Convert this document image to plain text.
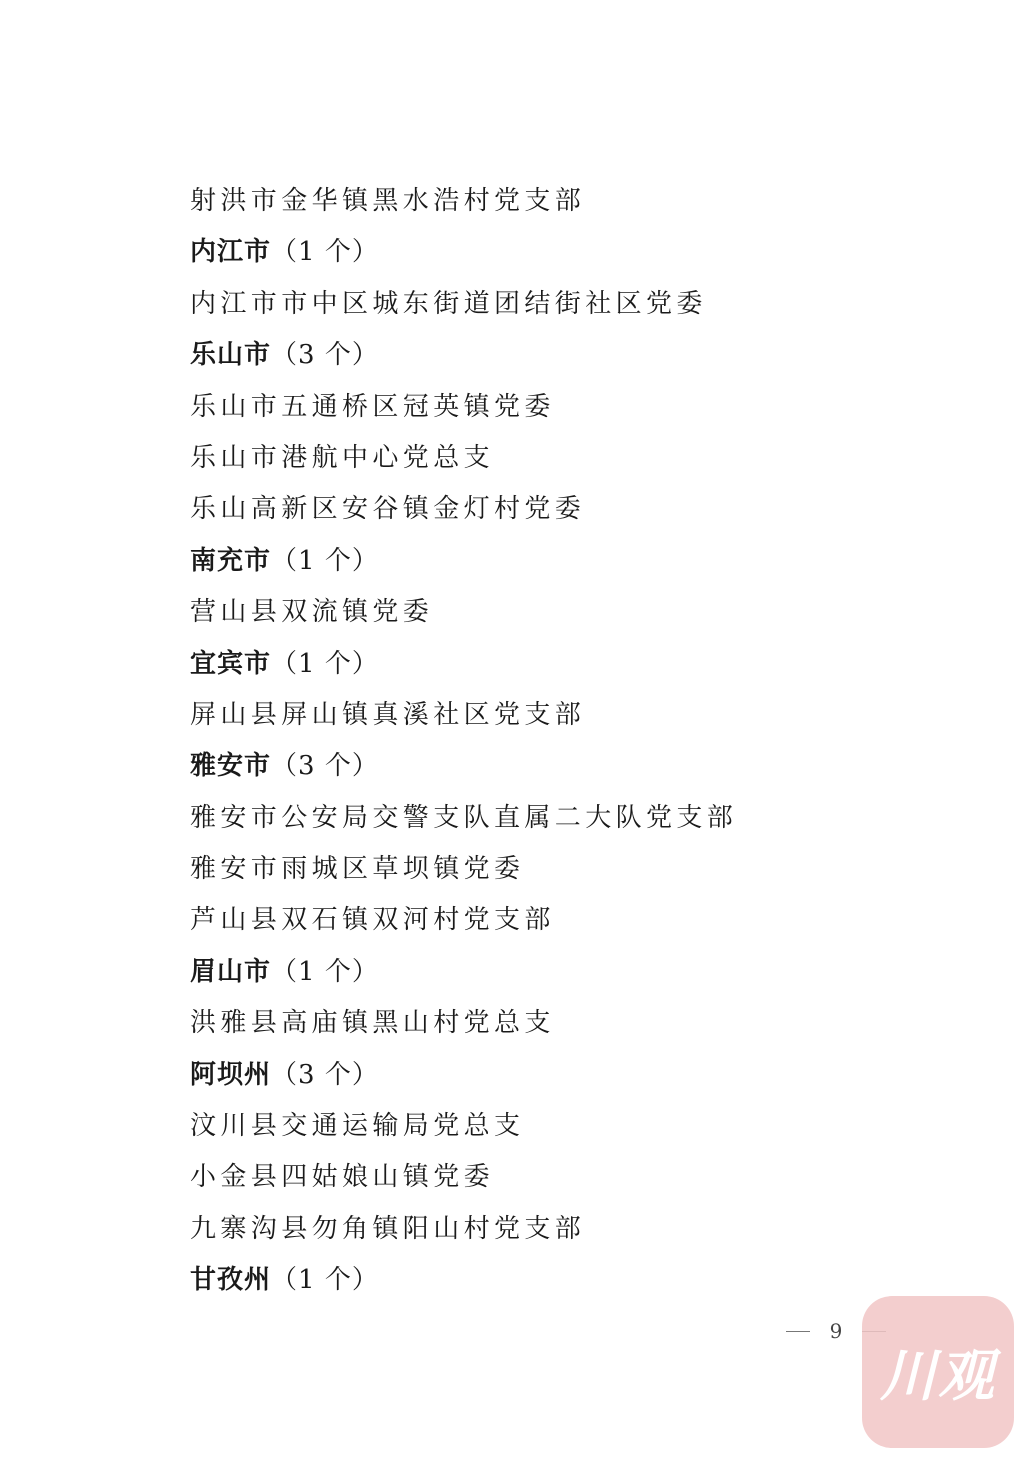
射洪市金华镇黑水浩村党支部
内江市（1 个）
内江市市中区城东街道团结街社区党委
乐山市（3 个）
乐山市五通桥区冠英镇党委
乐山市港航中心党总支
乐山高新区安谷镇金灯村党委
南充市（1 个）
营山县双流镇党委
宜宾市（1 个）
屏山县屏山镇真溪社区党支部
雅安市（3 个）
雅安市公安局交警支队直属二大队党支部
雅安市雨城区草坝镇党委
芦山县双石镇双河村党支部
眉山市（1 个）
洪雅县高庙镇黑山村党总支
阿坝州（3 个）
汶川县交通运输局党总支
小金县四姑娘山镇党委
九寨沟县勿角镇阳山村党支部
甘孜州（1 个）
9
川观
